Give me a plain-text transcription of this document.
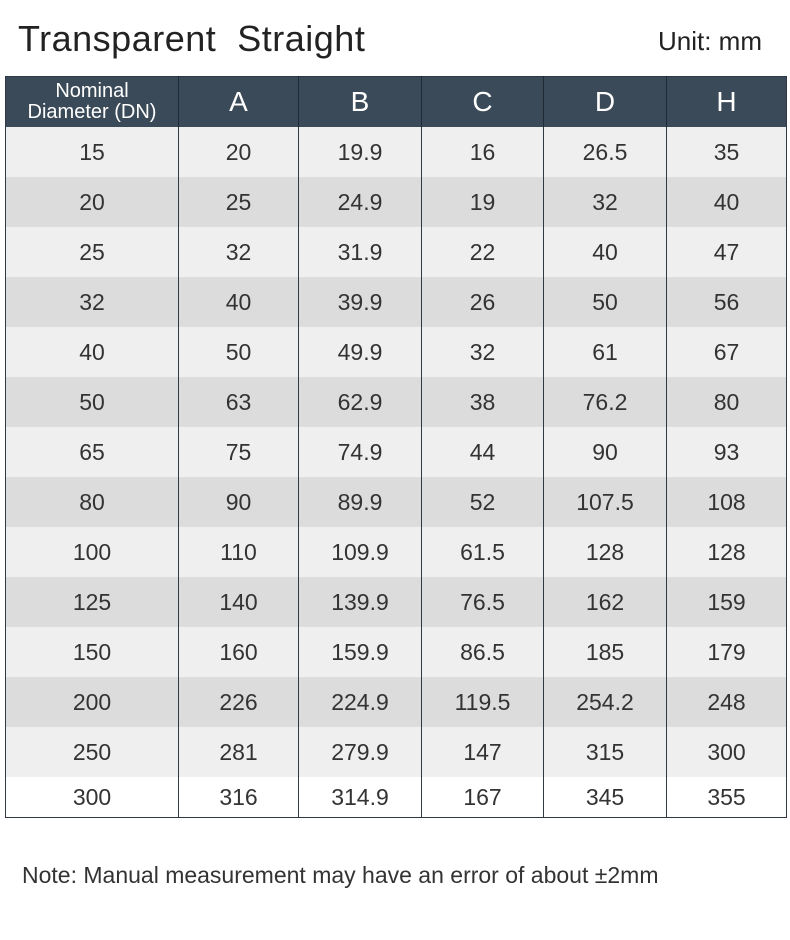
Transparent  Straight	Unit: mm
Nominal
Diameter (DN)	A	B	C	D	H
15	20	19.9	16	26.5	35
20	25	24.9	19	32	40
25	32	31.9	22	40	47
32	40	39.9	26	50	56
40	50	49.9	32	61	67
50	63	62.9	38	76.2	80
65	75	74.9	44	90	93
80	90	89.9	52	107.5	108
100	110	109.9	61.5	128	128
125	140	139.9	76.5	162	159
150	160	159.9	86.5	185	179
200	226	224.9	119.5	254.2	248
250	281	279.9	147	315	300
300	316	314.9	167	345	355
Note: Manual measurement may have an error of about ±2mm
